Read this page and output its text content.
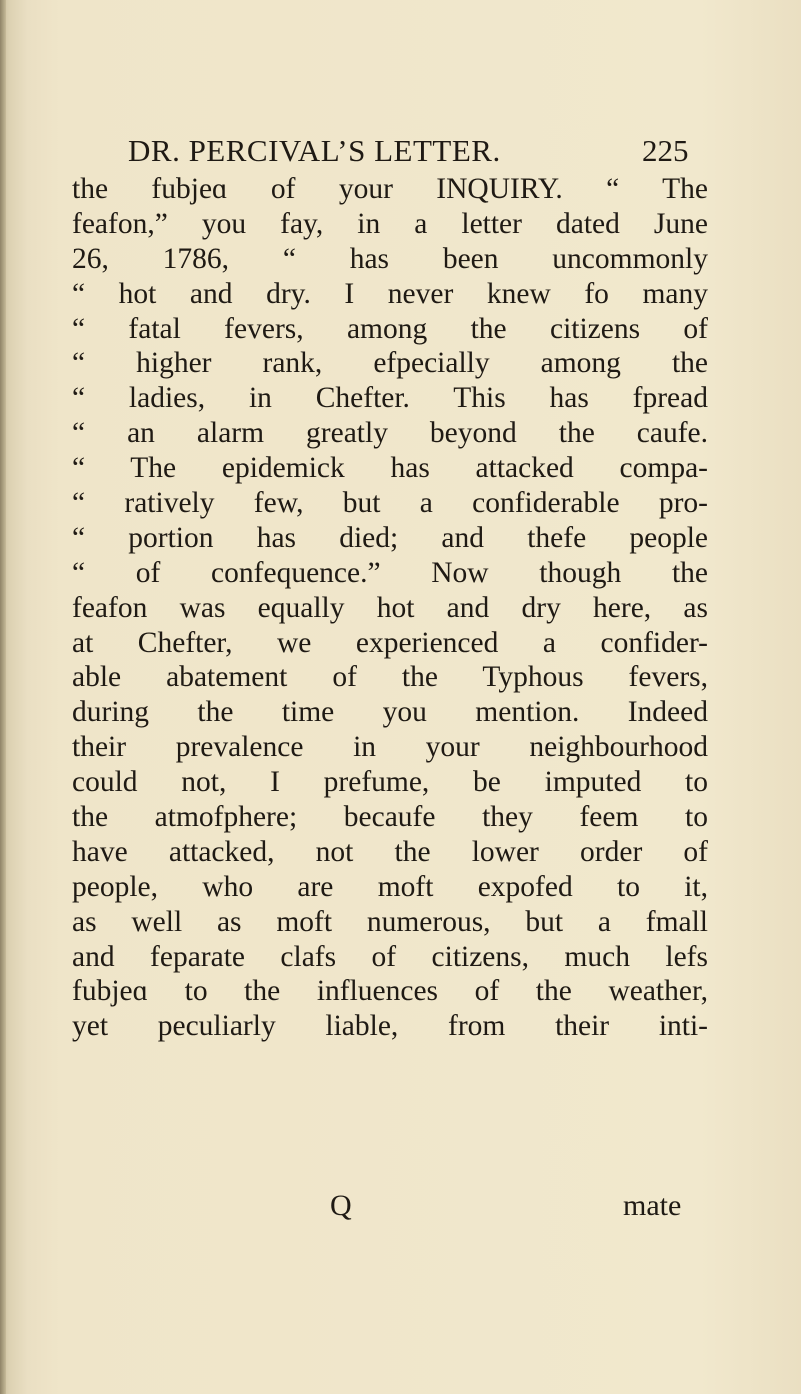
DR. PERCIVAL’S LETTER.	225
the fubjeɑ of your INQUIRY. “ The
feafon,” you fay, in a letter dated June
26, 1786, “ has been uncommonly
“ hot and dry. I never knew fo many
“ fatal fevers, among the citizens of
“ higher rank, efpecially among the
“ ladies, in Chefter. This has fpread
“ an alarm greatly beyond the caufe.
“ The epidemick has attacked compa-
“ ratively few, but a confiderable pro-
“ portion has died; and thefe people
“ of confequence.” Now though the
feafon was equally hot and dry here, as
at Chefter, we experienced a confider-
able abatement of the Typhous fevers,
during the time you mention. Indeed
their prevalence in your neighbourhood
could not, I prefume, be imputed to
the atmofphere; becaufe they feem to
have attacked, not the lower order of
people, who are moft expofed to it,
as well as moft numerous, but a fmall
and feparate clafs of citizens, much lefs
fubjeɑ to the influences of the weather,
yet peculiarly liable, from their inti-
Q	mate
